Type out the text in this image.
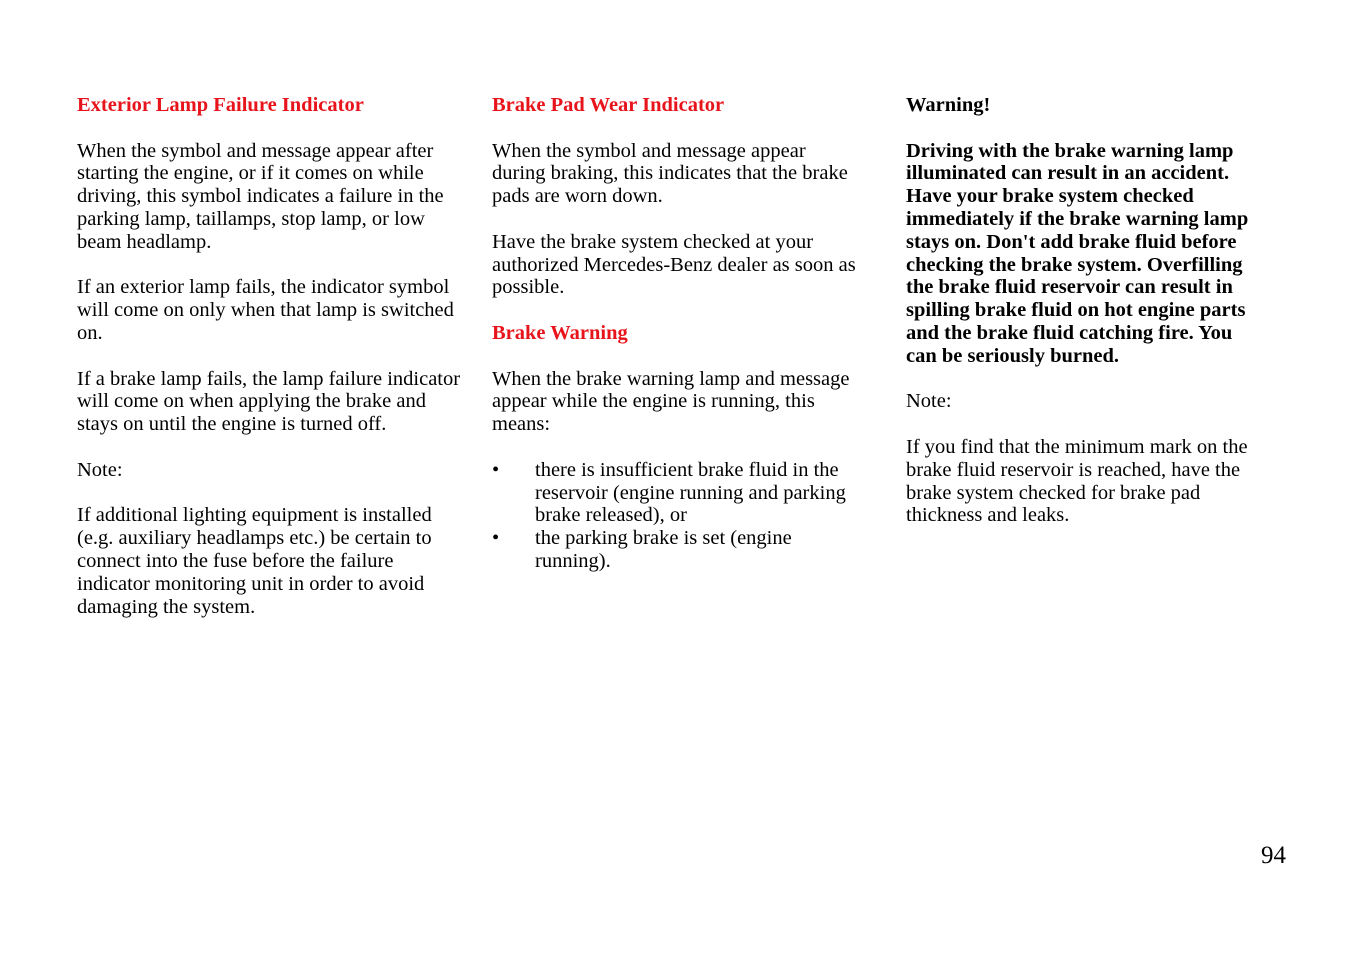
Exterior Lamp Failure Indicator

When the symbol and message appear after starting the engine, or if it comes on while driving, this symbol indicates a failure in the parking lamp, taillamps, stop lamp, or low beam headlamp.

If an exterior lamp fails, the indicator symbol will come on only when that lamp is switched on.

If a brake lamp fails, the lamp failure indicator will come on when applying the brake and stays on until the engine is turned off.

Note:

If additional lighting equipment is installed (e.g. auxiliary headlamps etc.) be certain to connect into the fuse before the failure indicator monitoring unit in order to avoid damaging the system.

Brake Pad Wear Indicator

When the symbol and message appear during braking, this indicates that the brake pads are worn down.

Have the brake system checked at your authorized Mercedes-Benz dealer as soon as possible.

Brake Warning

When the brake warning lamp and message appear while the engine is running, this means:

• there is insufficient brake fluid in the reservoir (engine running and parking brake released), or
• the parking brake is set (engine running).
Warning!

Driving with the brake warning lamp illuminated can result in an accident. Have your brake system checked immediately if the brake warning lamp stays on. Don't add brake fluid before checking the brake system. Overfilling the brake fluid reservoir can result in spilling brake fluid on hot engine parts and the brake fluid catching fire. You can be seriously burned.

Note:

If you find that the minimum mark on the brake fluid reservoir is reached, have the brake system checked for brake pad thickness and leaks.

94
